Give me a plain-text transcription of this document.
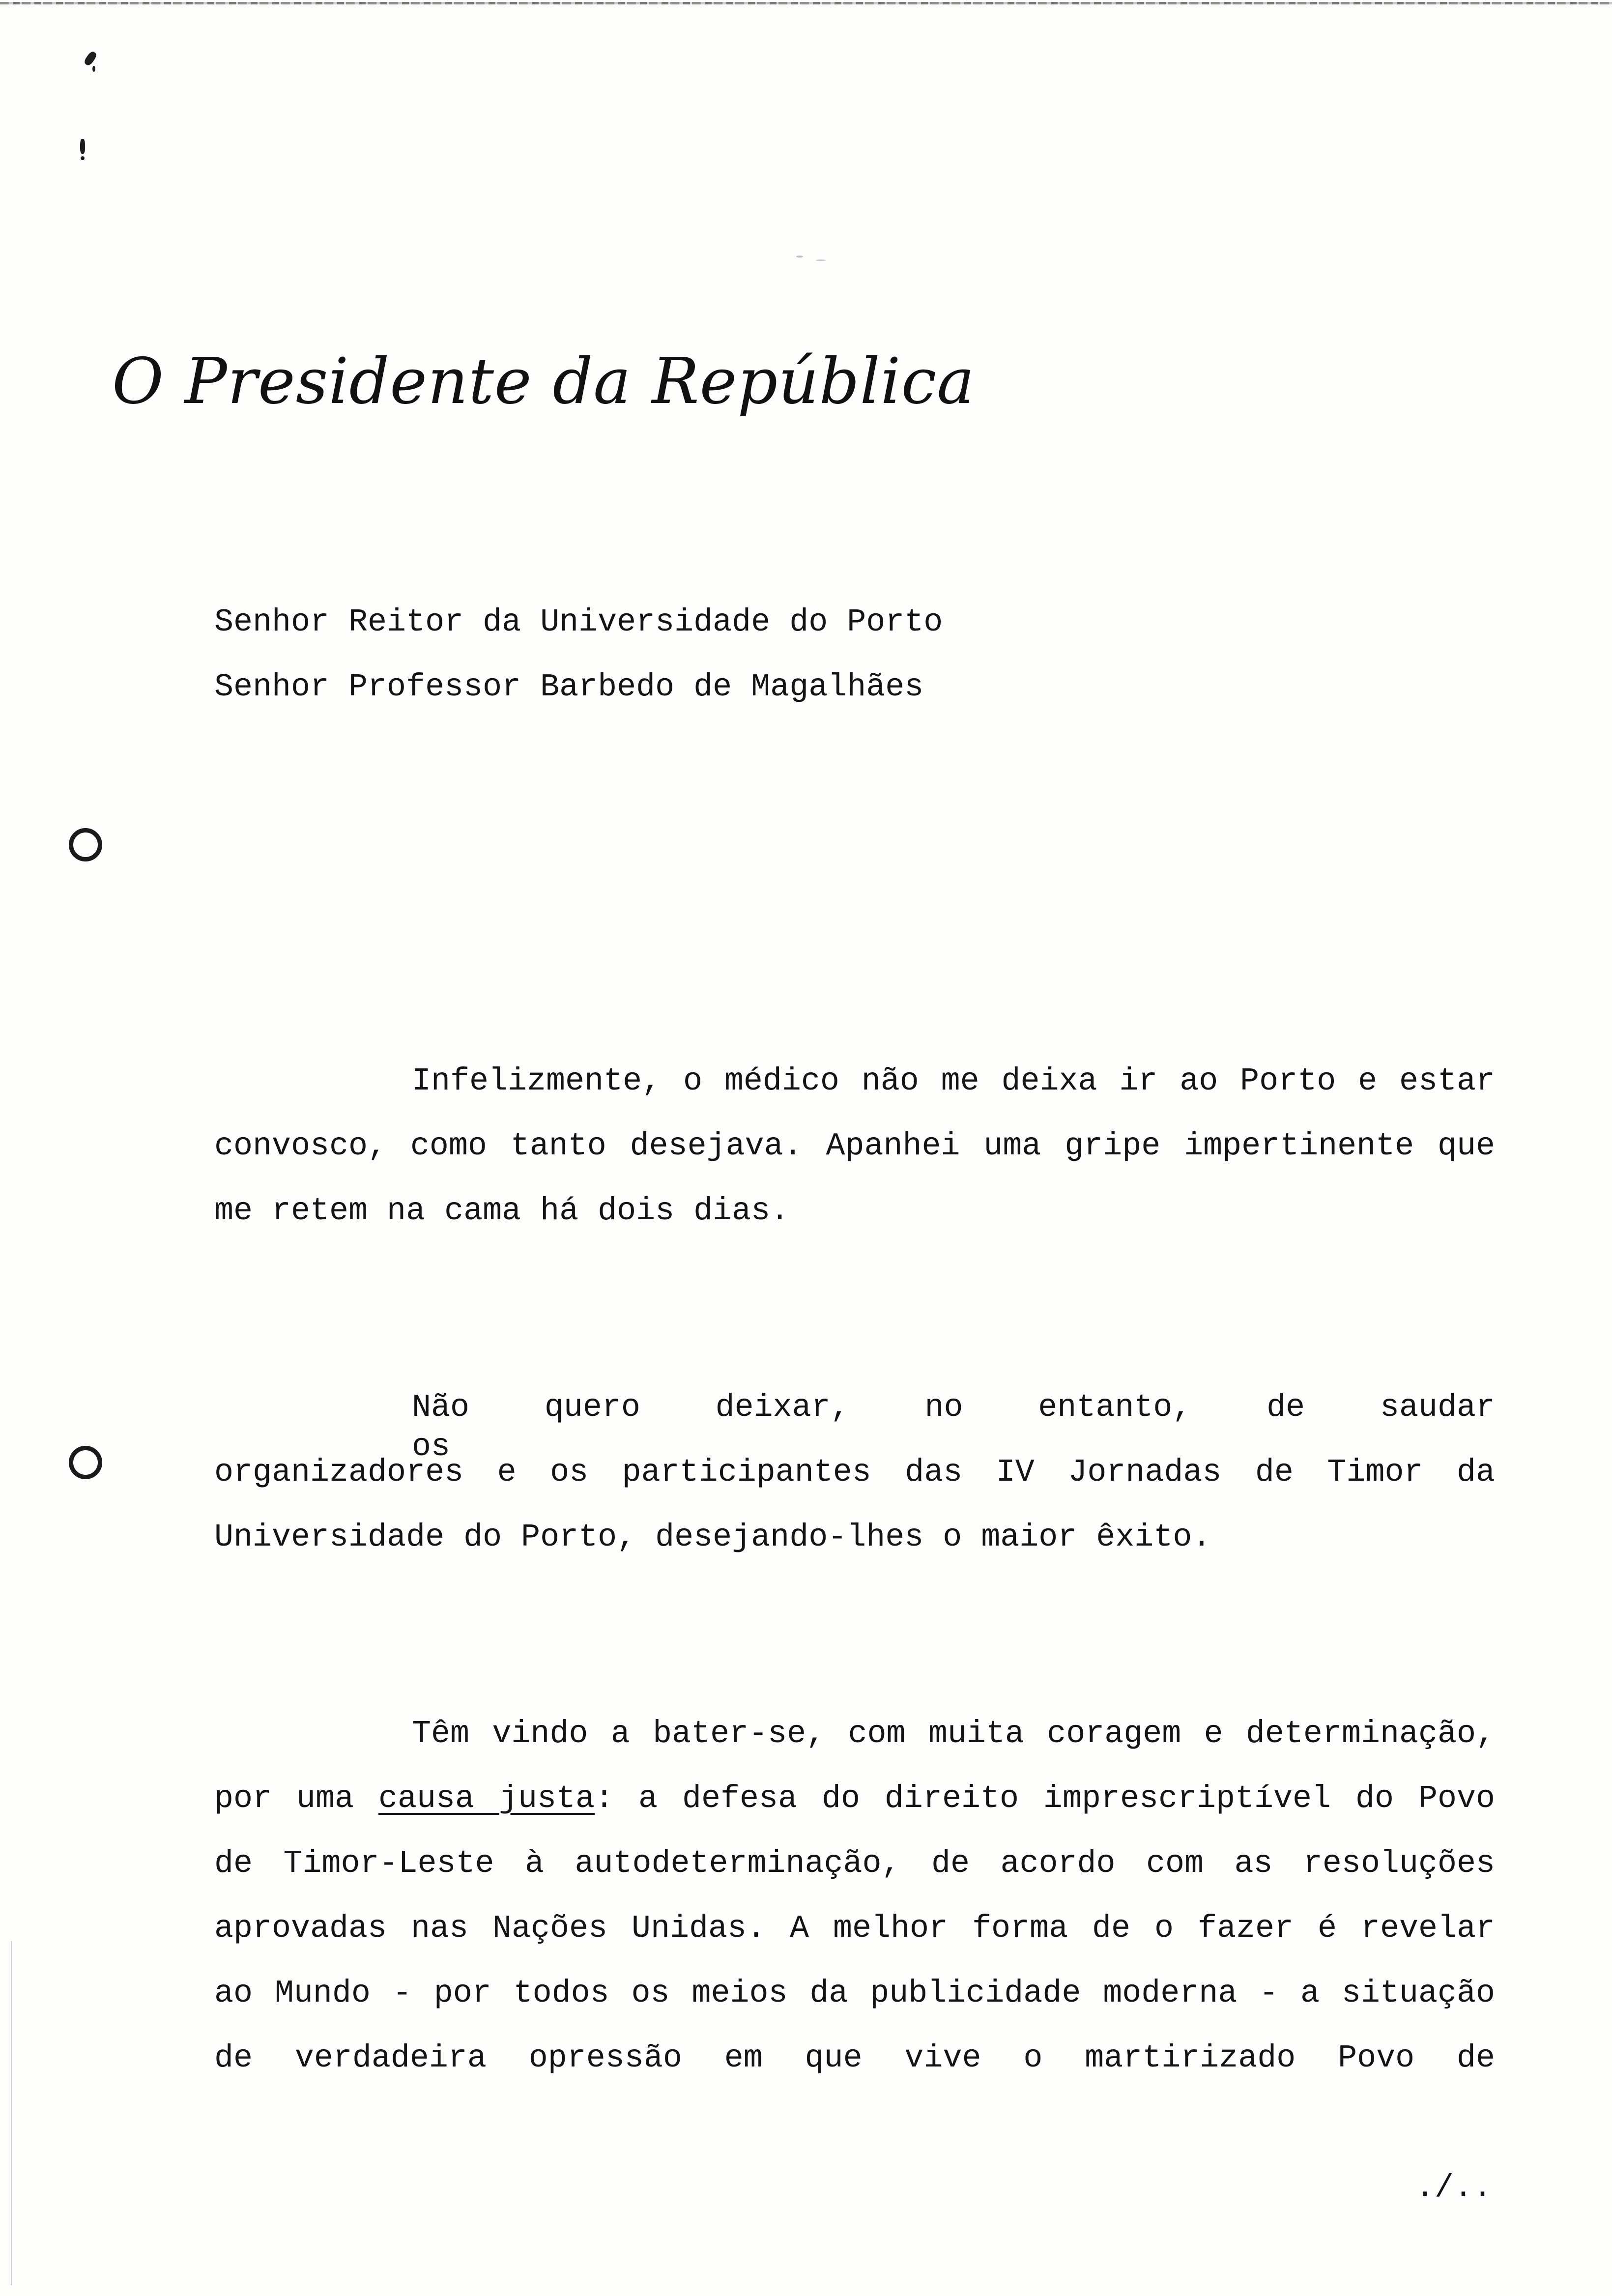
O Presidente da República
Senhor Reitor da Universidade do Porto
Senhor Professor Barbedo de Magalhães
Infelizmente, o médico não me deixa ir ao Porto e estar
convosco, como tanto desejava. Apanhei uma gripe impertinente que
me retem na cama há dois dias.
Não quero deixar, no entanto, de saudar os
organizadores e os participantes das IV Jornadas de Timor da
Universidade do Porto, desejando-lhes o maior êxito.
Têm vindo a bater-se, com muita coragem e determinação,
por uma causa justa: a defesa do direito imprescriptível do Povo
de Timor-Leste à autodeterminação, de acordo com as resoluções
aprovadas nas Nações Unidas. A melhor forma de o fazer é revelar
ao Mundo - por todos os meios da publicidade moderna - a situação
de verdadeira opressão em que vive o martirizado Povo de
./..
